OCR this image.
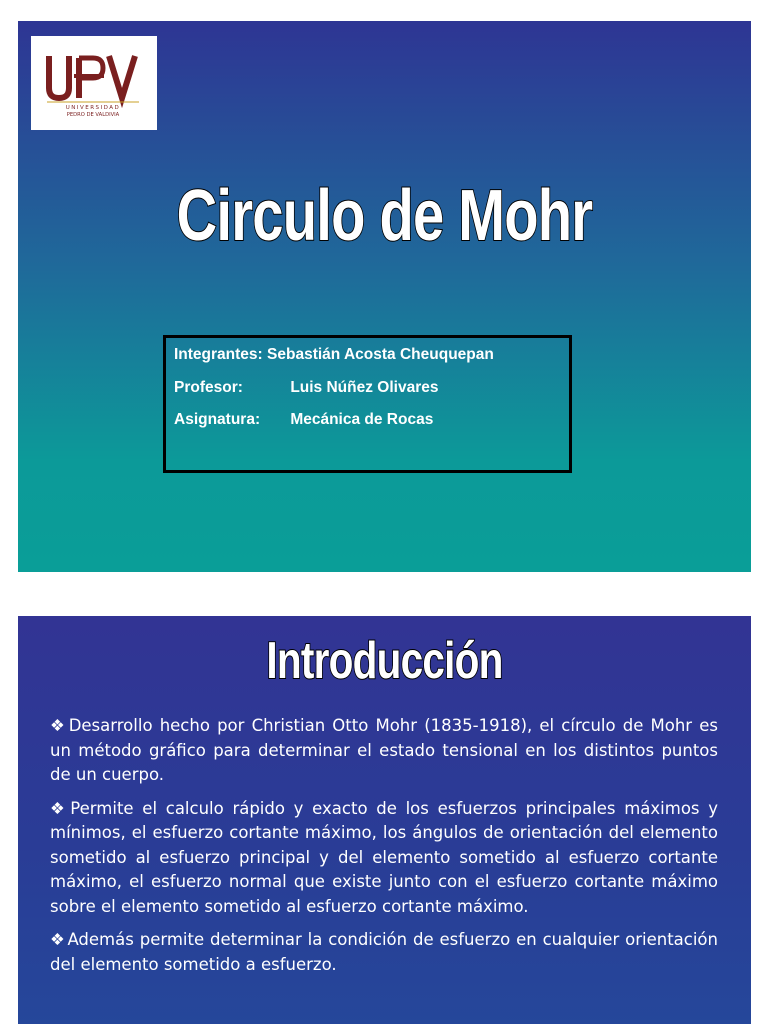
UNIVERSIDAD
PEDRO DE VALDIVIA
Circulo de Mohr
Integrantes: Sebastián Acosta Cheuquepan
Profesor:	Luis Núñez Olivares
Asignatura: Mecánica de Rocas
Introducción

❖ Desarrollo hecho por Christian Otto Mohr (1835-1918), el círculo de Mohr es un método gráfico para determinar el estado tensional en los distintos puntos de un cuerpo.

❖ Permite el calculo rápido y exacto de los esfuerzos principales máximos y mínimos, el esfuerzo cortante máximo, los ángulos de orientación del elemento sometido al esfuerzo principal y del elemento sometido al esfuerzo cortante máximo, el esfuerzo normal que existe junto con el esfuerzo cortante máximo sobre el elemento sometido al esfuerzo cortante máximo.

❖ Además permite determinar la condición de esfuerzo en cualquier orientación del elemento sometido a esfuerzo.
